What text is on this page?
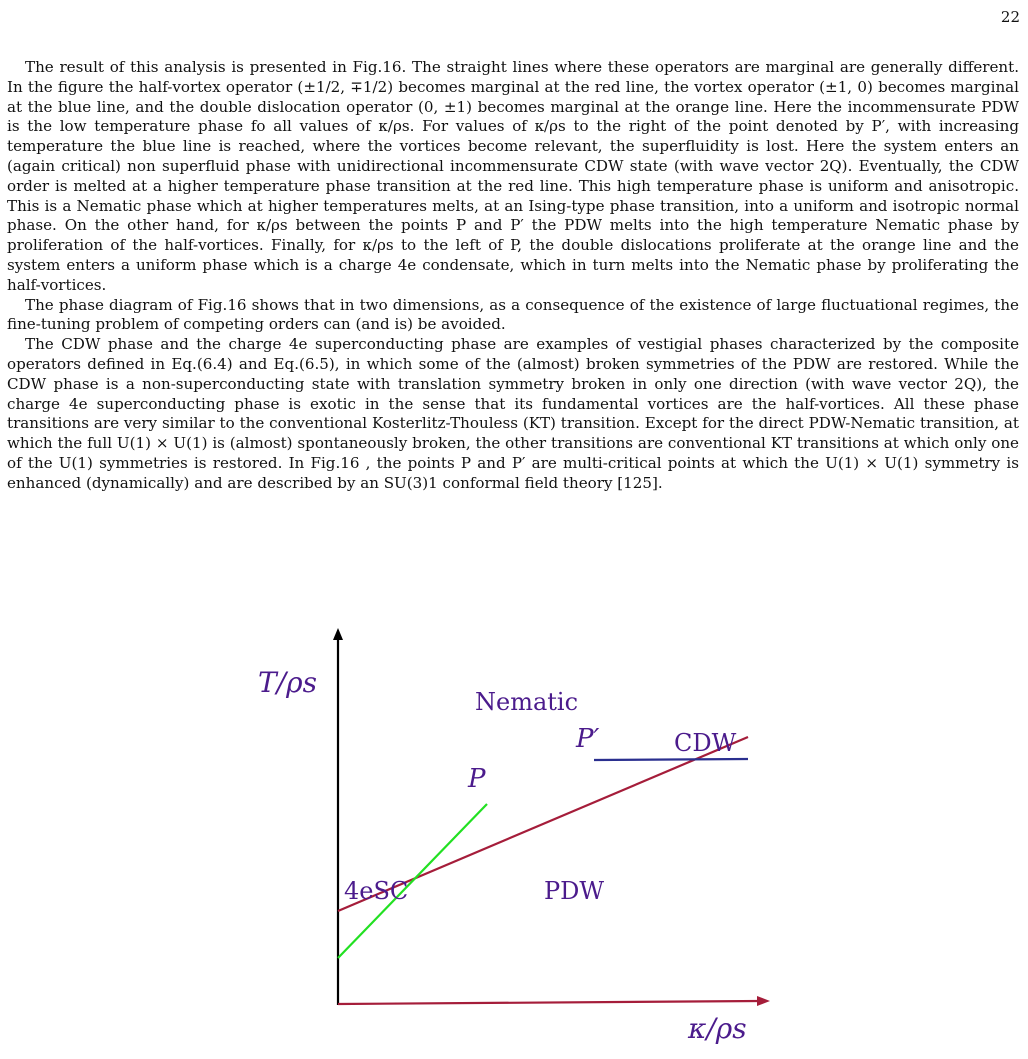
22

The result of this analysis is presented in Fig.16. The straight lines where these operators are marginal are generally different. In the figure the half-vortex operator (±1/2, ∓1/2) becomes marginal at the red line, the vortex operator (±1, 0) becomes marginal at the blue line, and the double dislocation operator (0, ±1) becomes marginal at the orange line. Here the incommensurate PDW is the low temperature phase fo all values of κ/ρs. For values of κ/ρs to the right of the point denoted by P′, with increasing temperature the blue line is reached, where the vortices become relevant, the superfluidity is lost. Here the system enters an (again critical) non superfluid phase with unidirectional incommensurate CDW state (with wave vector 2Q). Eventually, the CDW order is melted at a higher temperature phase transition at the red line. This high temperature phase is uniform and anisotropic. This is a Nematic phase which at higher temperatures melts, at an Ising-type phase transition, into a uniform and isotropic normal phase. On the other hand, for κ/ρs between the points P and P′ the PDW melts into the high temperature Nematic phase by proliferation of the half-vortices. Finally, for κ/ρs to the left of P, the double dislocations proliferate at the orange line and the system enters a uniform phase which is a charge 4e condensate, which in turn melts into the Nematic phase by proliferating the half-vortices.

The phase diagram of Fig.16 shows that in two dimensions, as a consequence of the existence of large fluctuational regimes, the fine-tuning problem of competing orders can (and is) be avoided.

The CDW phase and the charge 4e superconducting phase are examples of vestigial phases characterized by the composite operators defined in Eq.(6.4) and Eq.(6.5), in which some of the (almost) broken symmetries of the PDW are restored. While the CDW phase is a non-superconducting state with translation symmetry broken in only one direction (with wave vector 2Q), the charge 4e superconducting phase is exotic in the sense that its fundamental vortices are the half-vortices. All these phase transitions are very similar to the conventional Kosterlitz-Thouless (KT) transition. Except for the direct PDW-Nematic transition, at which the full U(1) × U(1) is (almost) spontaneously broken, the other transitions are conventional KT transitions at which only one of the U(1) symmetries is restored. In Fig.16 , the points P and P′ are multi-critical points at which the U(1) × U(1) symmetry is enhanced (dynamically) and are described by an SU(3)1 conformal field theory [125].

T/ρs
κ/ρs
Nematic
CDW
PDW
4eSC
P
P′
